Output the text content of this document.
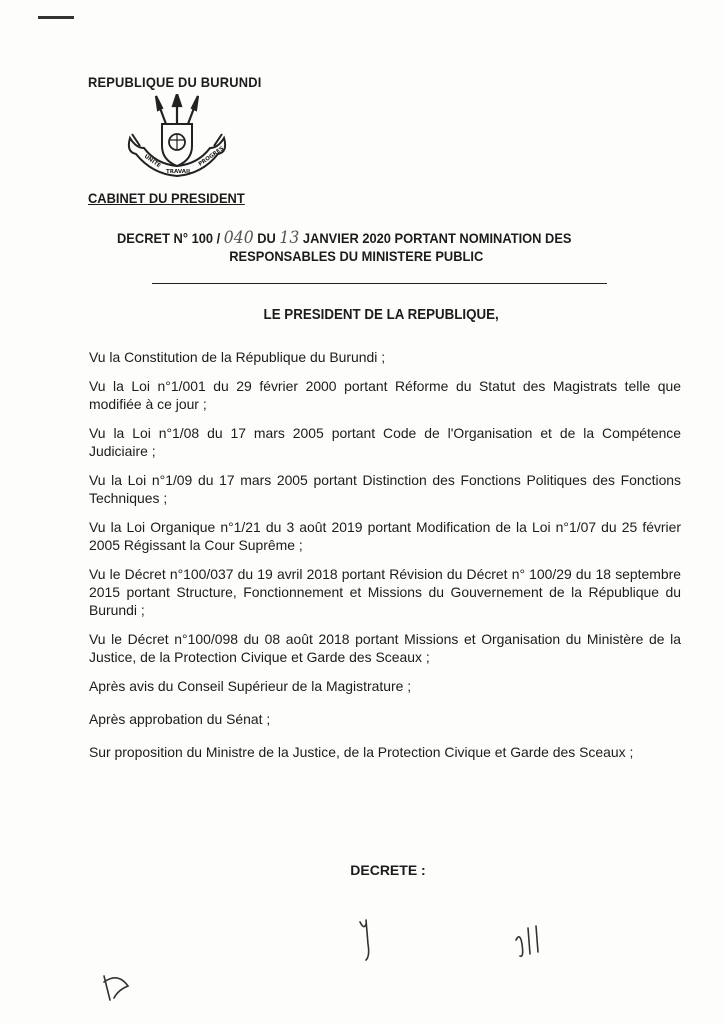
REPUBLIQUE DU BURUNDI
UNITE
TRAVAIL
PROGRES
CABINET DU PRESIDENT
DECRET N° 100 / 040 DU 13 JANVIER 2020 PORTANT NOMINATION DES
RESPONSABLES DU MINISTERE PUBLIC
LE PRESIDENT DE LA REPUBLIQUE,

Vu la Constitution de la République du Burundi ;

Vu la Loi n°1/001 du 29 février 2000 portant Réforme du Statut des Magistrats telle que modifiée à ce jour ;

Vu la Loi n°1/08 du 17 mars 2005 portant Code de l'Organisation et de la Compétence Judiciaire ;

Vu la Loi n°1/09 du 17 mars 2005 portant Distinction des Fonctions Politiques des Fonctions Techniques ;

Vu la Loi Organique n°1/21 du 3 août 2019 portant Modification de la Loi n°1/07 du 25 février 2005 Régissant la Cour Suprême ;

Vu le Décret n°100/037 du 19 avril 2018 portant Révision du Décret n° 100/29 du 18 septembre 2015 portant Structure, Fonctionnement et Missions du Gouvernement de la République du Burundi ;

Vu le Décret n°100/098 du 08 août 2018 portant Missions et Organisation du Ministère de la Justice, de la Protection Civique et Garde des Sceaux ;

Après avis du Conseil Supérieur de la Magistrature ;

Après approbation du Sénat ;

Sur proposition du Ministre de la Justice, de la Protection Civique et Garde des Sceaux ;

DECRETE :
